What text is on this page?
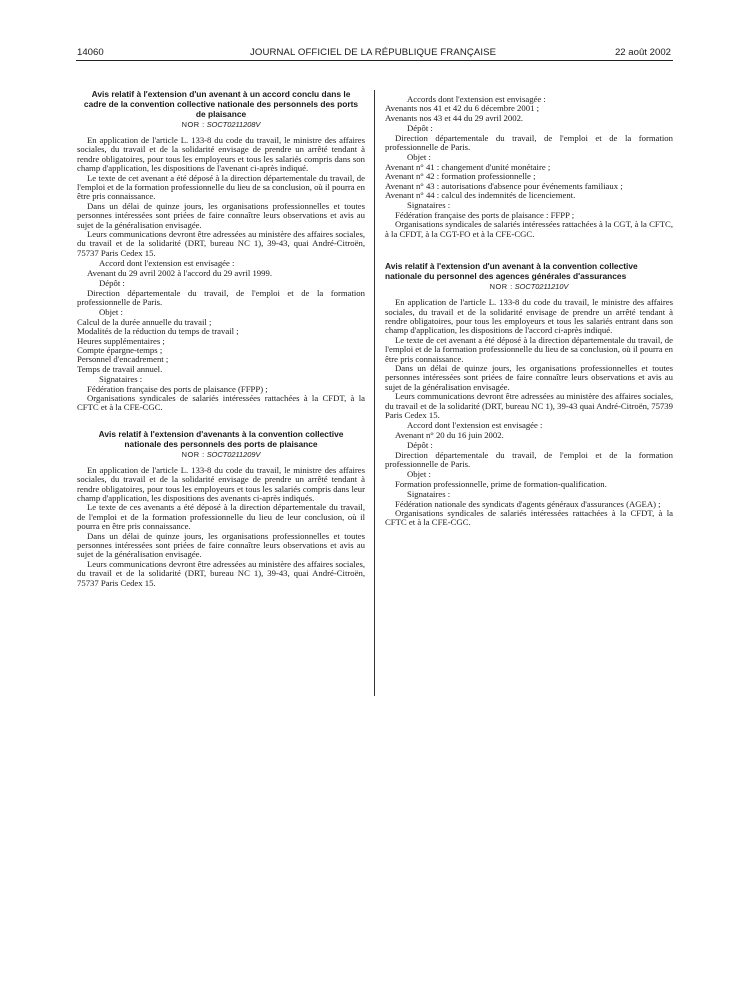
14060	JOURNAL OFFICIEL DE LA RÉPUBLIQUE FRANÇAISE	22 août 2002
Avis relatif à l'extension d'un avenant à un accord conclu dans le cadre de la convention collective nationale des personnels des ports de plaisance
NOR : SOCT0211208V

En application de l'article L. 133-8 du code du travail, le ministre des affaires sociales, du travail et de la solidarité envisage de prendre un arrêté tendant à rendre obligatoires, pour tous les employeurs et tous les salariés compris dans son champ d'application, les dispositions de l'avenant ci-après indiqué.

Le texte de cet avenant a été déposé à la direction départementale du travail, de l'emploi et de la formation professionnelle du lieu de sa conclusion, où il pourra en être pris connaissance.

Dans un délai de quinze jours, les organisations professionnelles et toutes personnes intéressées sont priées de faire connaître leurs observations et avis au sujet de la généralisation envisagée.

Leurs communications devront être adressées au ministère des affaires sociales, du travail et de la solidarité (DRT, bureau NC 1), 39-43, quai André-Citroën, 75737 Paris Cedex 15.

Accord dont l'extension est envisagée :

Avenant du 29 avril 2002 à l'accord du 29 avril 1999.

Dépôt :

Direction départementale du travail, de l'emploi et de la formation professionnelle de Paris.

Objet :

Calcul de la durée annuelle du travail ;

Modalités de la réduction du temps de travail ;

Heures supplémentaires ;

Compte épargne-temps ;

Personnel d'encadrement ;

Temps de travail annuel.

Signataires :

Fédération française des ports de plaisance (FFPP) ;

Organisations syndicales de salariés intéressées rattachées à la CFDT, à la CFTC et à la CFE-CGC.

Avis relatif à l'extension d'avenants à la convention collective nationale des personnels des ports de plaisance
NOR : SOCT0211209V

En application de l'article L. 133-8 du code du travail, le ministre des affaires sociales, du travail et de la solidarité envisage de prendre un arrêté tendant à rendre obligatoires, pour tous les employeurs et tous les salariés compris dans leur champ d'application, les dispositions des avenants ci-après indiqués.

Le texte de ces avenants a été déposé à la direction départementale du travail, de l'emploi et de la formation professionnelle du lieu de leur conclusion, où il pourra en être pris connaissance.

Dans un délai de quinze jours, les organisations professionnelles et toutes personnes intéressées sont priées de faire connaître leurs observations et avis au sujet de la généralisation envisagée.

Leurs communications devront être adressées au ministère des affaires sociales, du travail et de la solidarité (DRT, bureau NC 1), 39-43, quai André-Citroën, 75737 Paris Cedex 15.

Accords dont l'extension est envisagée :

Avenants nos 41 et 42 du 6 décembre 2001 ;

Avenants nos 43 et 44 du 29 avril 2002.

Dépôt :

Direction départementale du travail, de l'emploi et de la formation professionnelle de Paris.

Objet :

Avenant n° 41 : changement d'unité monétaire ;

Avenant n° 42 : formation professionnelle ;

Avenant n° 43 : autorisations d'absence pour événements familiaux ;

Avenant n° 44 : calcul des indemnités de licenciement.

Signataires :

Fédération française des ports de plaisance : FFPP ;

Organisations syndicales de salariés intéressées rattachées à la CGT, à la CFTC, à la CFDT, à la CGT-FO et à la CFE-CGC.

Avis relatif à l'extension d'un avenant à la convention collective nationale du personnel des agences générales d'assurances
NOR : SOCT0211210V

En application de l'article L. 133-8 du code du travail, le ministre des affaires sociales, du travail et de la solidarité envisage de prendre un arrêté tendant à rendre obligatoires, pour tous les employeurs et tous les salariés entrant dans son champ d'application, les dispositions de l'accord ci-après indiqué.

Le texte de cet avenant a été déposé à la direction départementale du travail, de l'emploi et de la formation professionnelle du lieu de sa conclusion, où il pourra en être pris connaissance.

Dans un délai de quinze jours, les organisations professionnelles et toutes personnes intéressées sont priées de faire connaître leurs observations et avis au sujet de la généralisation envisagée.

Leurs communications devront être adressées au ministère des affaires sociales, du travail et de la solidarité (DRT, bureau NC 1), 39-43 quai André-Citroën, 75739 Paris Cedex 15.

Accord dont l'extension est envisagée :

Avenant n° 20 du 16 juin 2002.

Dépôt :

Direction départementale du travail, de l'emploi et de la formation professionnelle de Paris.

Objet :

Formation professionnelle, prime de formation-qualification.

Signataires :

Fédération nationale des syndicats d'agents généraux d'assurances (AGEA) ;

Organisations syndicales de salariés intéressées rattachées à la CFDT, à la CFTC et à la CFE-CGC.
